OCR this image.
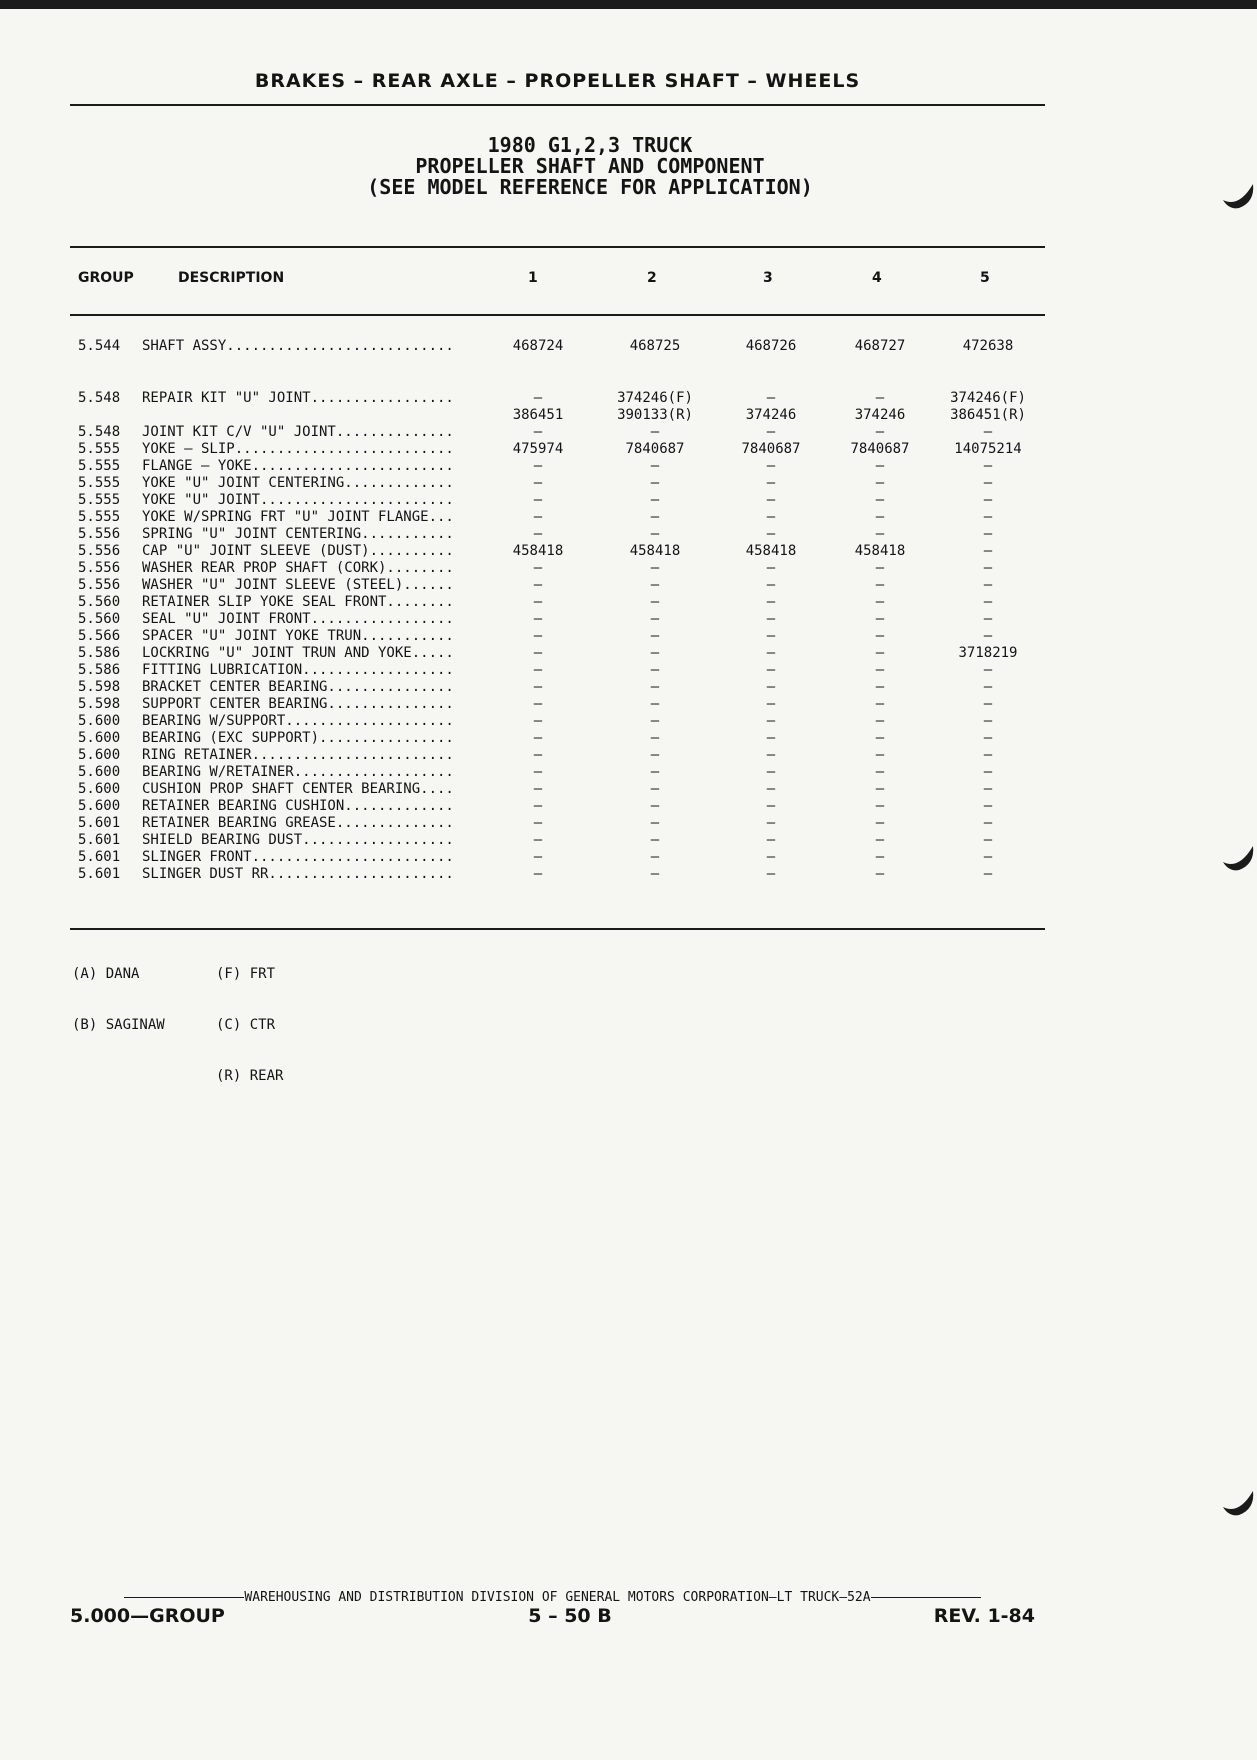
BRAKES – REAR AXLE – PROPELLER SHAFT – WHEELS
1980 G1,2,3 TRUCK
PROPELLER SHAFT AND COMPONENT
(SEE MODEL REFERENCE FOR APPLICATION)
GROUP	DESCRIPTION	1	2	3	4	5
5.544 SHAFT ASSY...........................	468724	468725	468726	468727	472638
5.548 REPAIR KIT "U" JOINT.................	—	374246(F)	—	—	374246(F)
386451	390133(R)	374246	374246	386451(R)
5.548 JOINT KIT C/V "U" JOINT..............	—	—	—	—	—
5.555 YOKE – SLIP..........................	475974	7840687	7840687	7840687	14075214
5.555 FLANGE – YOKE........................	—	—	—	—	—
5.555 YOKE "U" JOINT CENTERING.............	—	—	—	—	—
5.555 YOKE "U" JOINT.......................	—	—	—	—	—
5.555 YOKE W/SPRING FRT "U" JOINT FLANGE...	—	—	—	—	—
5.556 SPRING "U" JOINT CENTERING...........	—	—	—	—	—
5.556 CAP "U" JOINT SLEEVE (DUST)..........	458418	458418	458418	458418	—
5.556 WASHER REAR PROP SHAFT (CORK)........	—	—	—	—	—
5.556 WASHER "U" JOINT SLEEVE (STEEL)......	—	—	—	—	—
5.560 RETAINER SLIP YOKE SEAL FRONT........	—	—	—	—	—
5.560 SEAL "U" JOINT FRONT.................	—	—	—	—	—
5.566 SPACER "U" JOINT YOKE TRUN...........	—	—	—	—	—
5.586 LOCKRING "U" JOINT TRUN AND YOKE.....	—	—	—	—	3718219
5.586 FITTING LUBRICATION..................	—	—	—	—	—
5.598 BRACKET CENTER BEARING...............	—	—	—	—	—
5.598 SUPPORT CENTER BEARING...............	—	—	—	—	—
5.600 BEARING W/SUPPORT....................	—	—	—	—	—
5.600 BEARING (EXC SUPPORT)................	—	—	—	—	—
5.600 RING RETAINER........................	—	—	—	—	—
5.600 BEARING W/RETAINER...................	—	—	—	—	—
5.600 CUSHION PROP SHAFT CENTER BEARING....	—	—	—	—	—
5.600 RETAINER BEARING CUSHION.............	—	—	—	—	—
5.601 RETAINER BEARING GREASE..............	—	—	—	—	—
5.601 SHIELD BEARING DUST..................	—	—	—	—	—
5.601 SLINGER FRONT........................	—	—	—	—	—
5.601 SLINGER DUST RR......................	—	—	—	—	—

(A) DANA

(B) SAGINAW

(F) FRT

(C) CTR

(R) REAR

WAREHOUSING AND DISTRIBUTION DIVISION OF GENERAL MOTORS CORPORATION—LT TRUCK—52A
5.000—GROUP	5 – 50 B	REV. 1-84
